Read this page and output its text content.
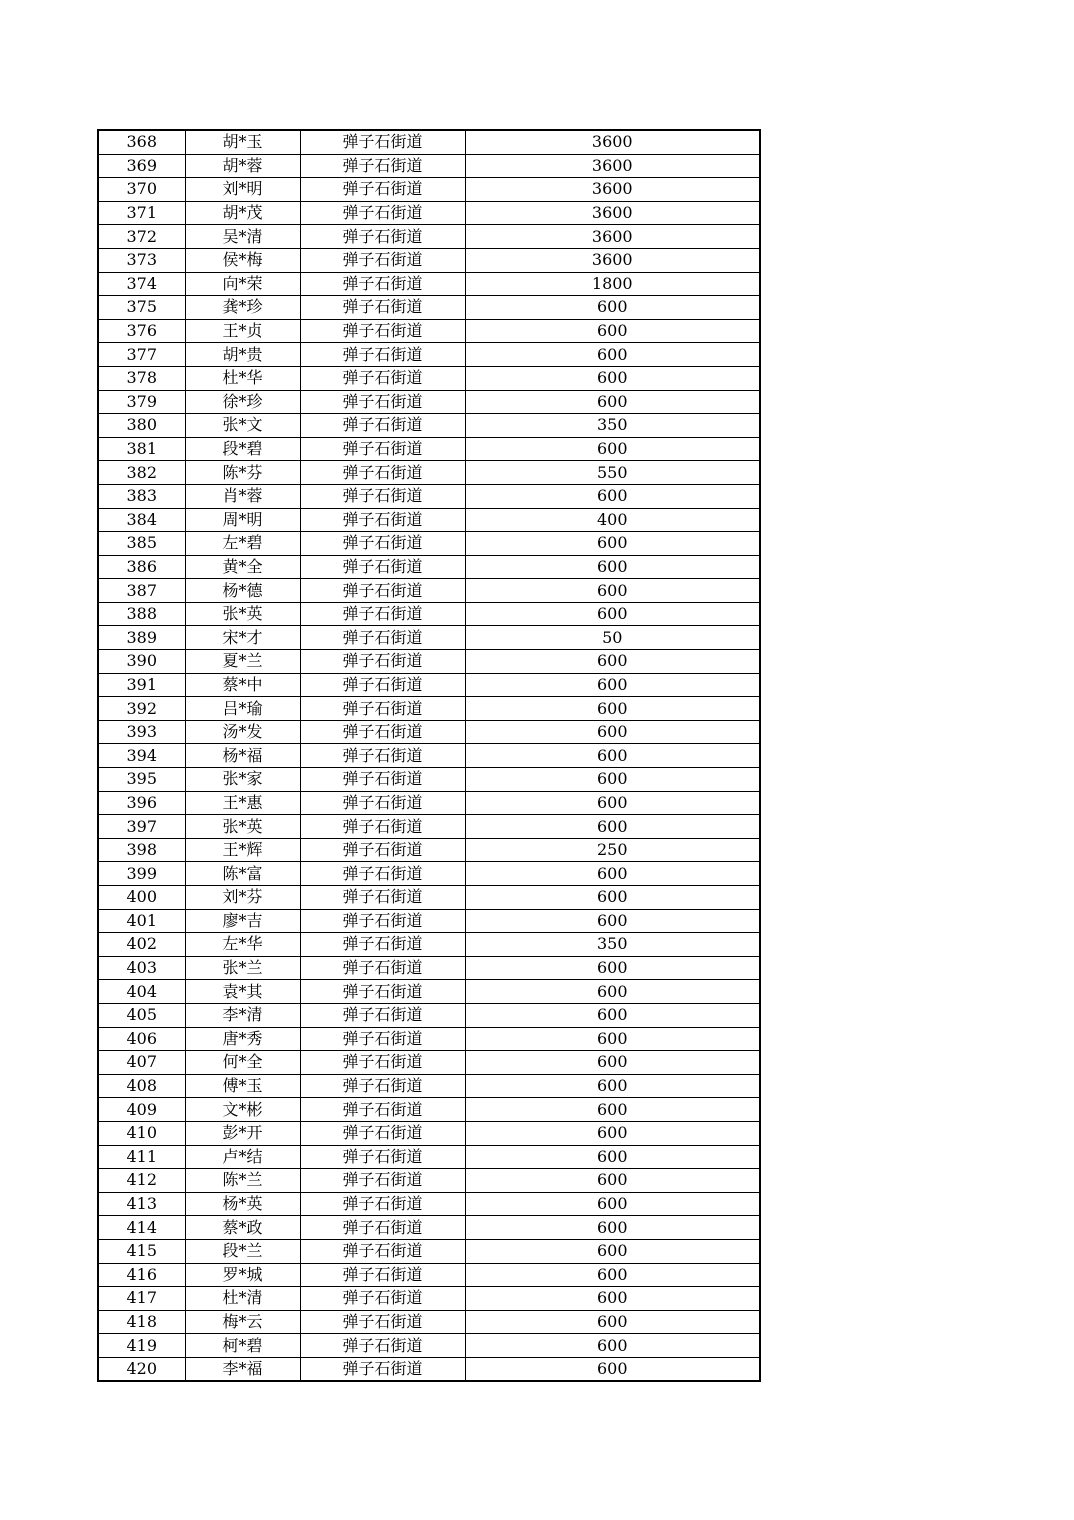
368	胡*玉	弹子石街道	3600
369	胡*蓉	弹子石街道	3600
370	刘*明	弹子石街道	3600
371	胡*茂	弹子石街道	3600
372	吴*清	弹子石街道	3600
373	侯*梅	弹子石街道	3600
374	向*荣	弹子石街道	1800
375	龚*珍	弹子石街道	600
376	王*贞	弹子石街道	600
377	胡*贵	弹子石街道	600
378	杜*华	弹子石街道	600
379	徐*珍	弹子石街道	600
380	张*文	弹子石街道	350
381	段*碧	弹子石街道	600
382	陈*芬	弹子石街道	550
383	肖*蓉	弹子石街道	600
384	周*明	弹子石街道	400
385	左*碧	弹子石街道	600
386	黄*全	弹子石街道	600
387	杨*德	弹子石街道	600
388	张*英	弹子石街道	600
389	宋*才	弹子石街道	50
390	夏*兰	弹子石街道	600
391	蔡*中	弹子石街道	600
392	吕*瑜	弹子石街道	600
393	汤*发	弹子石街道	600
394	杨*福	弹子石街道	600
395	张*家	弹子石街道	600
396	王*惠	弹子石街道	600
397	张*英	弹子石街道	600
398	王*辉	弹子石街道	250
399	陈*富	弹子石街道	600
400	刘*芬	弹子石街道	600
401	廖*吉	弹子石街道	600
402	左*华	弹子石街道	350
403	张*兰	弹子石街道	600
404	袁*其	弹子石街道	600
405	李*清	弹子石街道	600
406	唐*秀	弹子石街道	600
407	何*全	弹子石街道	600
408	傅*玉	弹子石街道	600
409	文*彬	弹子石街道	600
410	彭*开	弹子石街道	600
411	卢*结	弹子石街道	600
412	陈*兰	弹子石街道	600
413	杨*英	弹子石街道	600
414	蔡*政	弹子石街道	600
415	段*兰	弹子石街道	600
416	罗*城	弹子石街道	600
417	杜*清	弹子石街道	600
418	梅*云	弹子石街道	600
419	柯*碧	弹子石街道	600
420	李*福	弹子石街道	600
